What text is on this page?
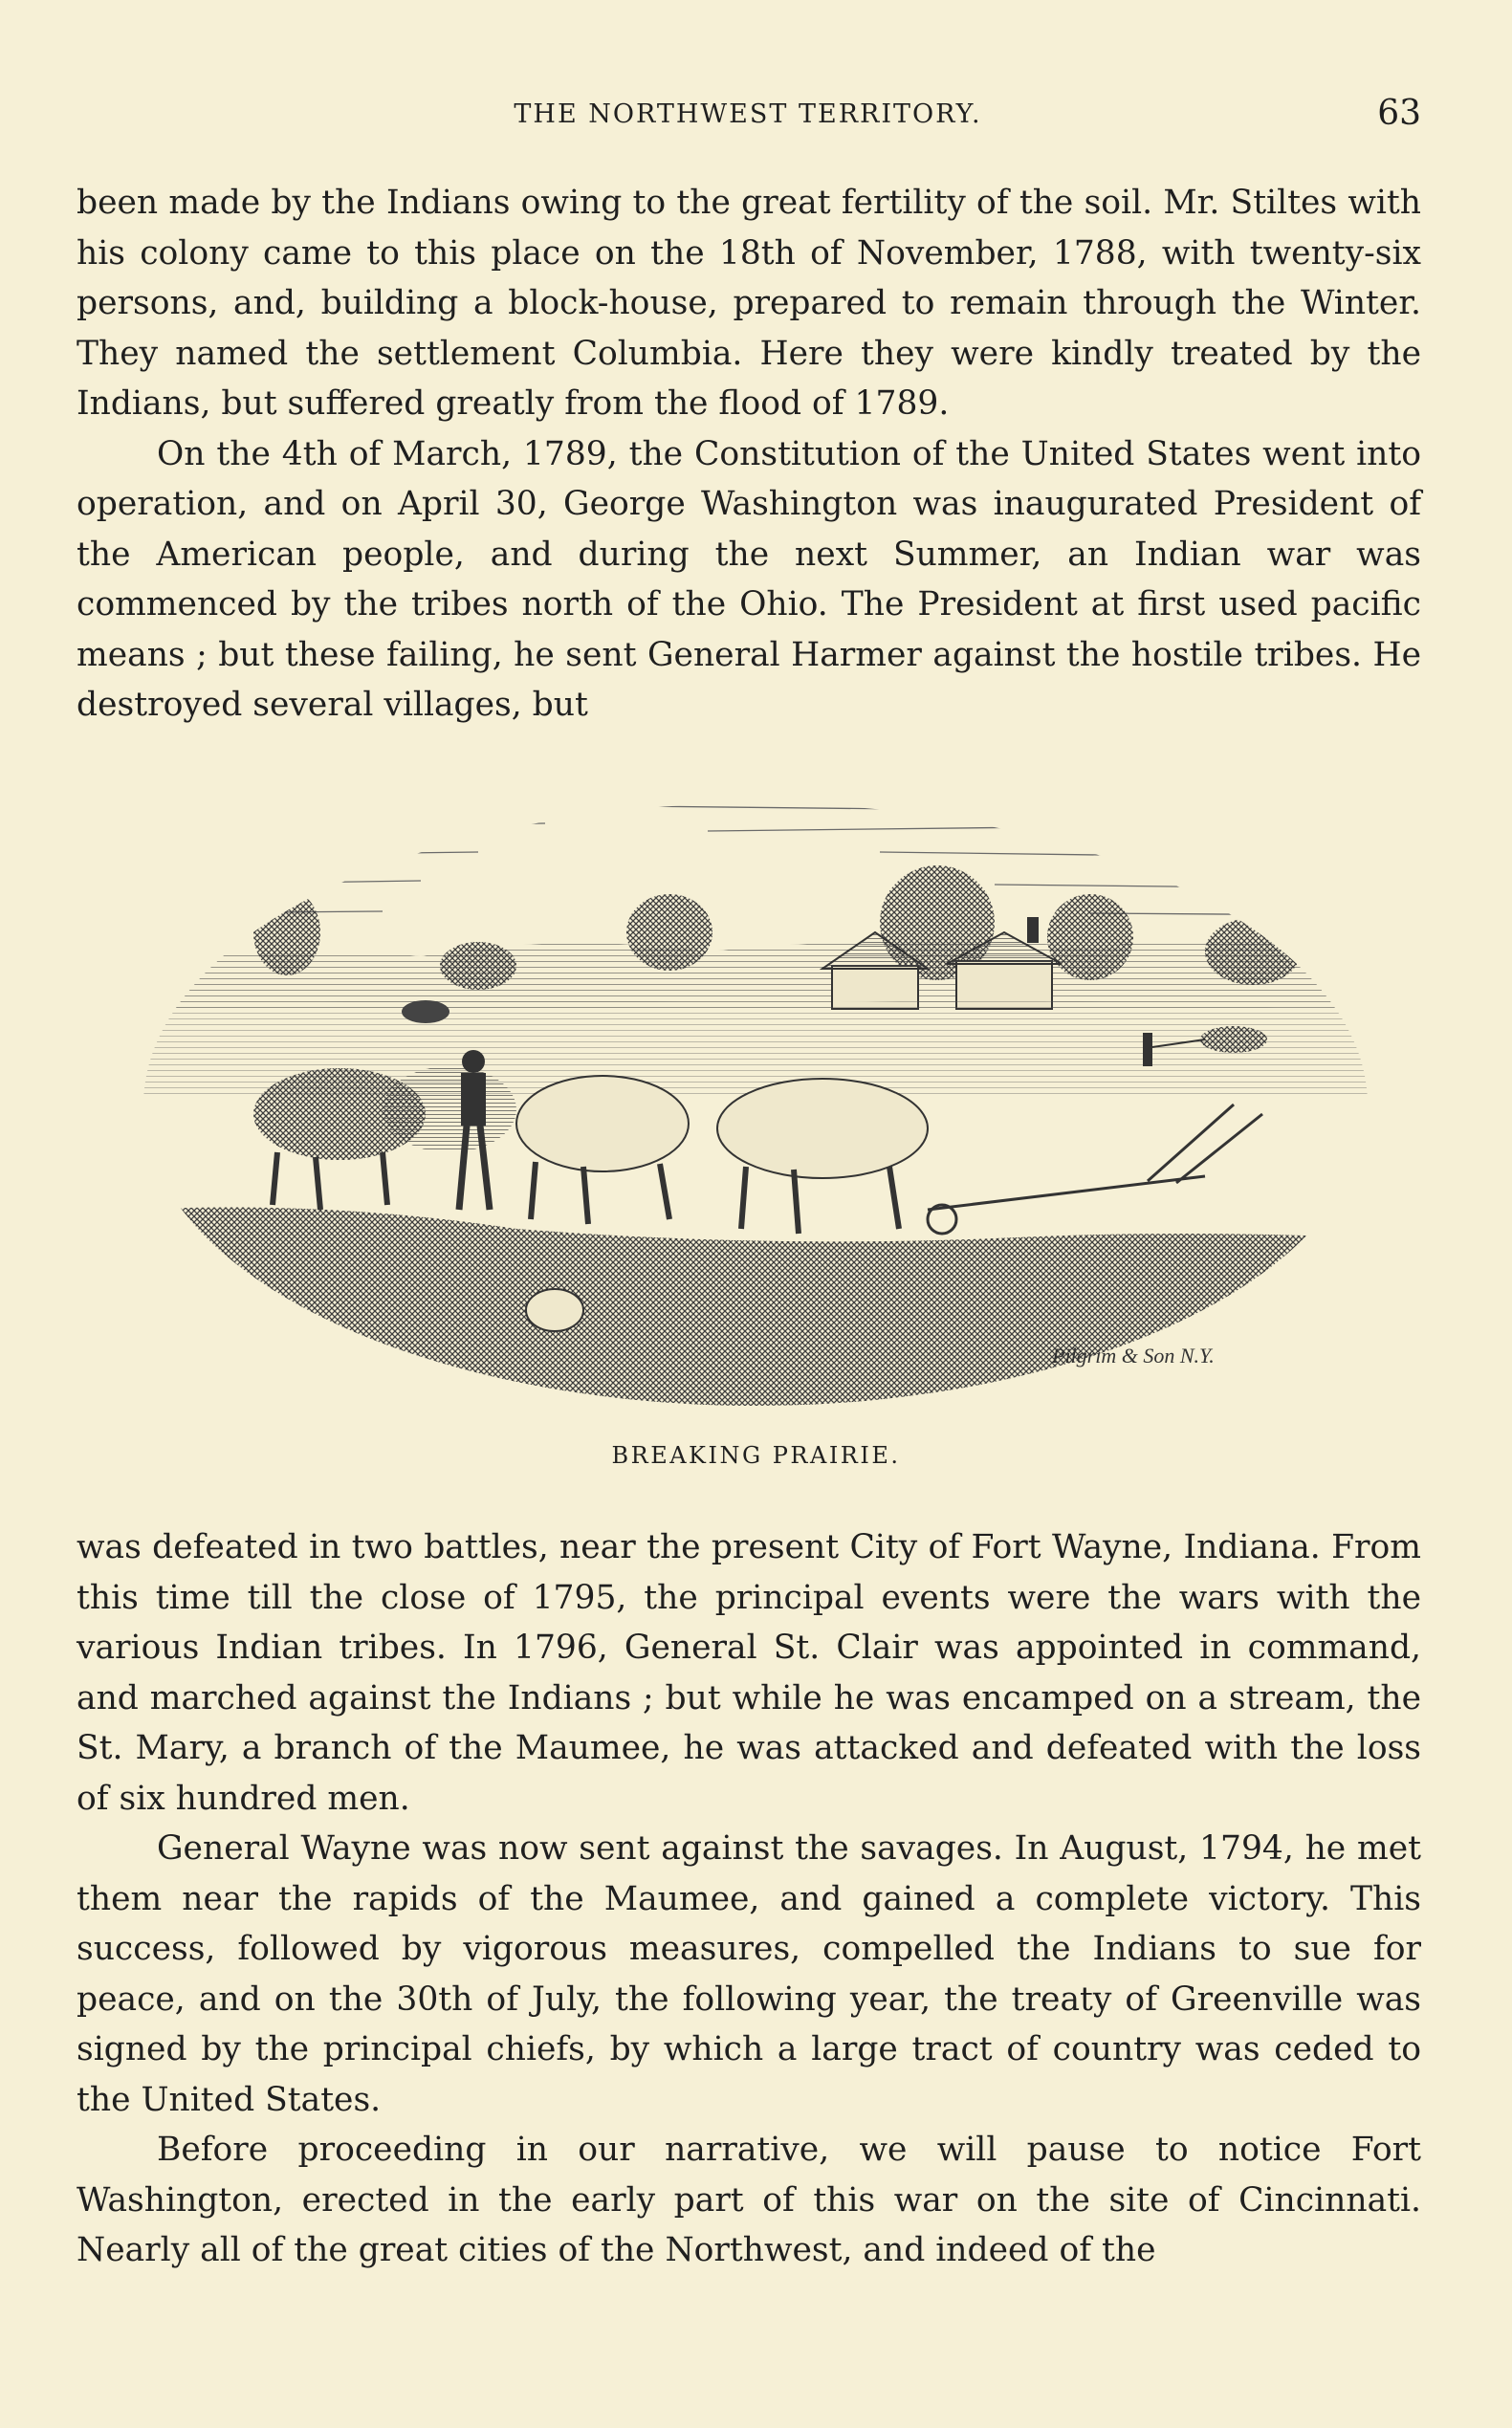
THE NORTHWEST TERRITORY.	63

been made by the Indians owing to the great fertility of the soil. Mr. Stiltes with his colony came to this place on the 18th of November, 1788, with twenty-six persons, and, building a block-house, prepared to remain through the Winter. They named the settlement Columbia. Here they were kindly treated by the Indians, but suffered greatly from the flood of 1789.

On the 4th of March, 1789, the Constitution of the United States went into operation, and on April 30, George Washington was inaugurated President of the American people, and during the next Summer, an Indian war was commenced by the tribes north of the Ohio. The President at first used pacific means ; but these failing, he sent General Harmer against the hostile tribes. He destroyed several villages, but

Pilgrim & Son N.Y.
BREAKING PRAIRIE.

was defeated in two battles, near the present City of Fort Wayne, Indiana. From this time till the close of 1795, the principal events were the wars with the various Indian tribes. In 1796, General St. Clair was appointed in command, and marched against the Indians ; but while he was encamped on a stream, the St. Mary, a branch of the Maumee, he was attacked and defeated with the loss of six hundred men.

General Wayne was now sent against the savages. In August, 1794, he met them near the rapids of the Maumee, and gained a complete victory. This success, followed by vigorous measures, compelled the Indians to sue for peace, and on the 30th of July, the following year, the treaty of Greenville was signed by the principal chiefs, by which a large tract of country was ceded to the United States.

Before proceeding in our narrative, we will pause to notice Fort Washington, erected in the early part of this war on the site of Cincinnati. Nearly all of the great cities of the Northwest, and indeed of the
